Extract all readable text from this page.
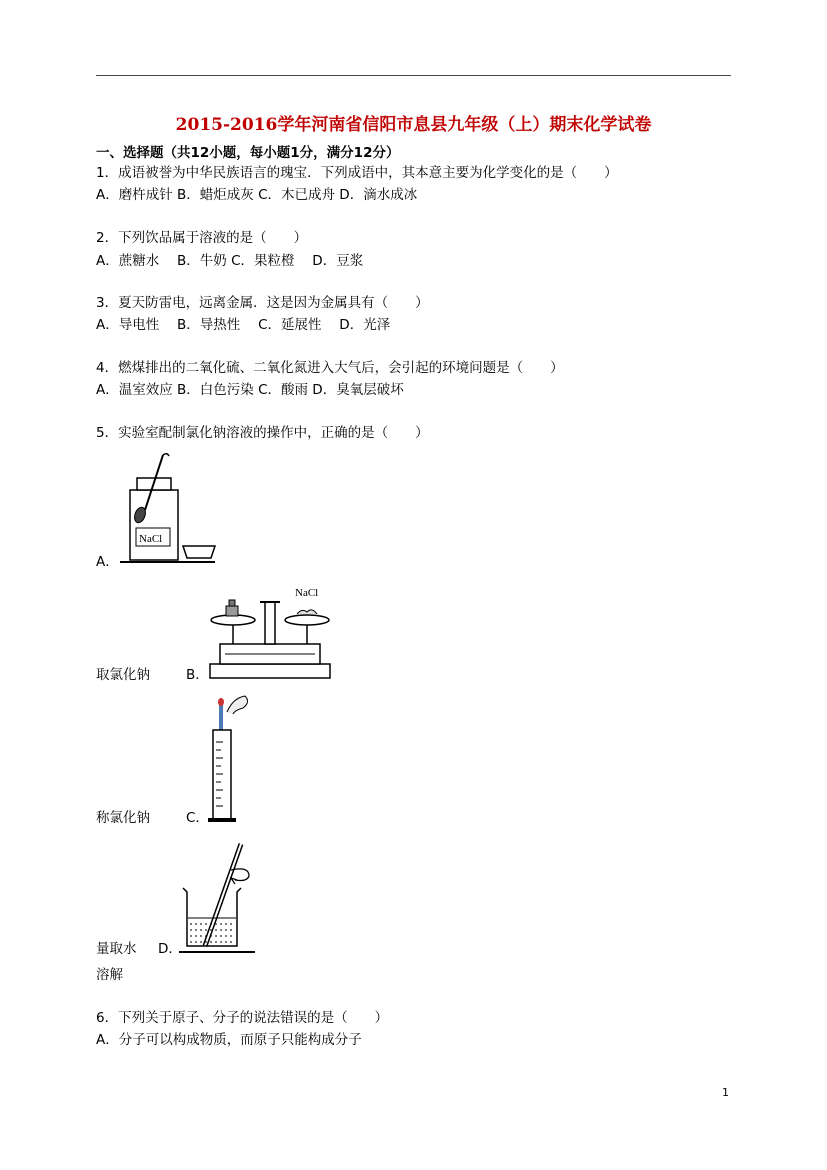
2015-2016学年河南省信阳市息县九年级（上）期末化学试卷
一、选择题（共12小题，每小题1分，满分12分）
1．成语被誉为中华民族语言的瑰宝．下列成语中，其本意主要为化学变化的是（　　）
A．磨杵成针 B．蜡炬成灰 C．木已成舟 D．滴水成冰
2．下列饮品属于溶液的是（　　）
A．蔗糖水　 B．牛奶 C．果粒橙　 D．豆浆
3．夏天防雷电，远离金属．这是因为金属具有（　　）
A．导电性　 B．导热性　 C．延展性　 D．光泽
4．燃煤排出的二氧化硫、二氧化氮进入大气后，会引起的环境问题是（　　）
A．温室效应 B．白色污染 C．酸雨 D．臭氧层破坏
5．实验室配制氯化钠溶液的操作中，正确的是（　　）
NaCl
A．
NaCl
取氯化钠	B．
称氯化钠	C．
量取水 D．
溶解
6．下列关于原子、分子的说法错误的是（　　）
A．分子可以构成物质，而原子只能构成分子
1
